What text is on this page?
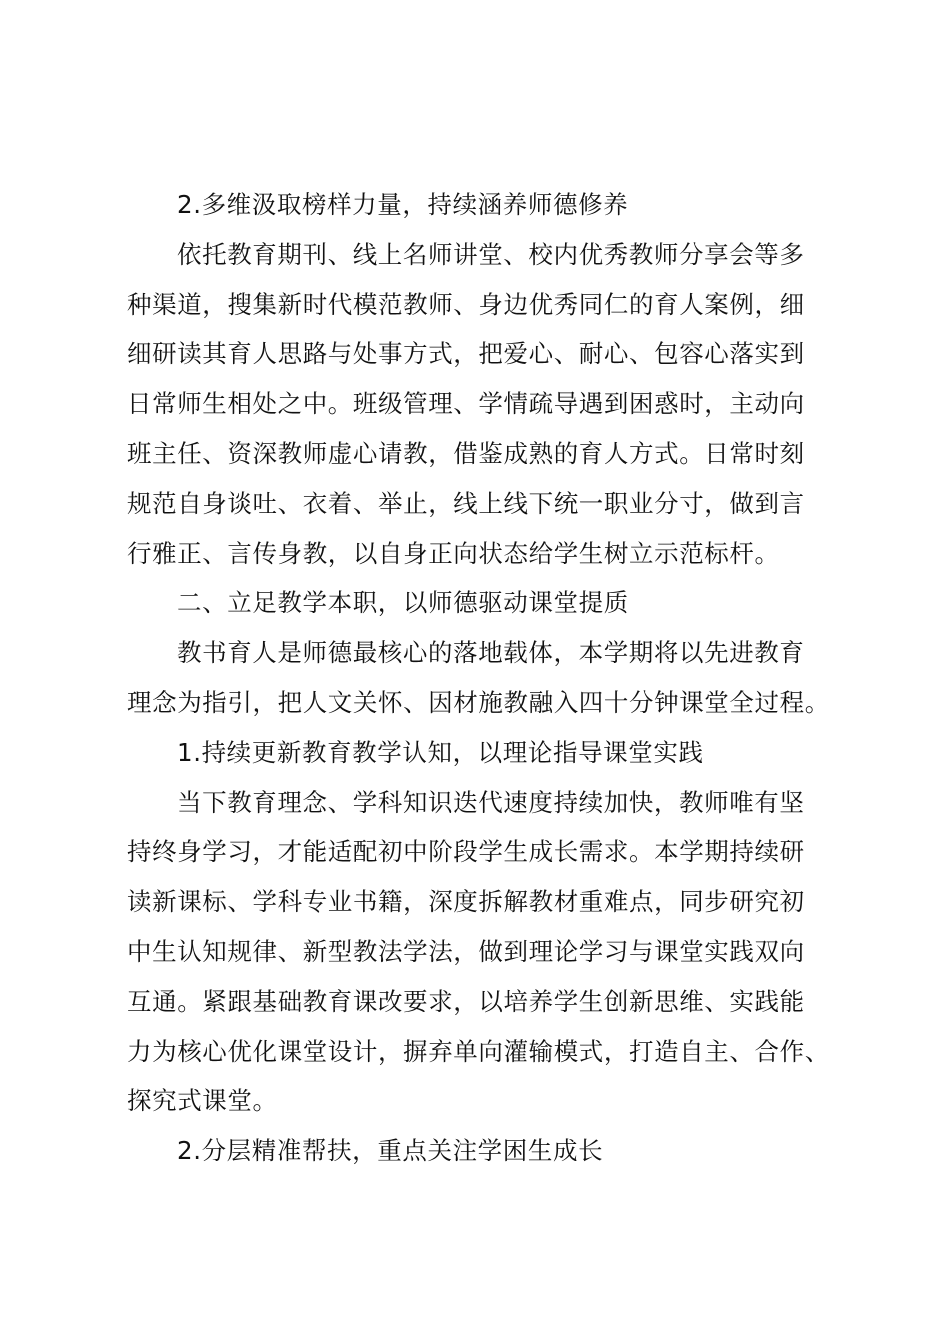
2.多维汲取榜样力量，持续涵养师德修养
依托教育期刊、线上名师讲堂、校内优秀教师分享会等多
种渠道，搜集新时代模范教师、身边优秀同仁的育人案例，细
细研读其育人思路与处事方式，把爱心、耐心、包容心落实到
日常师生相处之中。班级管理、学情疏导遇到困惑时，主动向
班主任、资深教师虚心请教，借鉴成熟的育人方式。日常时刻
规范自身谈吐、衣着、举止，线上线下统一职业分寸，做到言
行雅正、言传身教，以自身正向状态给学生树立示范标杆。
二、立足教学本职，以师德驱动课堂提质
教书育人是师德最核心的落地载体，本学期将以先进教育
理念为指引，把人文关怀、因材施教融入四十分钟课堂全过程。
1.持续更新教育教学认知，以理论指导课堂实践
当下教育理念、学科知识迭代速度持续加快，教师唯有坚
持终身学习，才能适配初中阶段学生成长需求。本学期持续研
读新课标、学科专业书籍，深度拆解教材重难点，同步研究初
中生认知规律、新型教法学法，做到理论学习与课堂实践双向
互通。紧跟基础教育课改要求，以培养学生创新思维、实践能
力为核心优化课堂设计，摒弃单向灌输模式，打造自主、合作、
探究式课堂。
2.分层精准帮扶，重点关注学困生成长
